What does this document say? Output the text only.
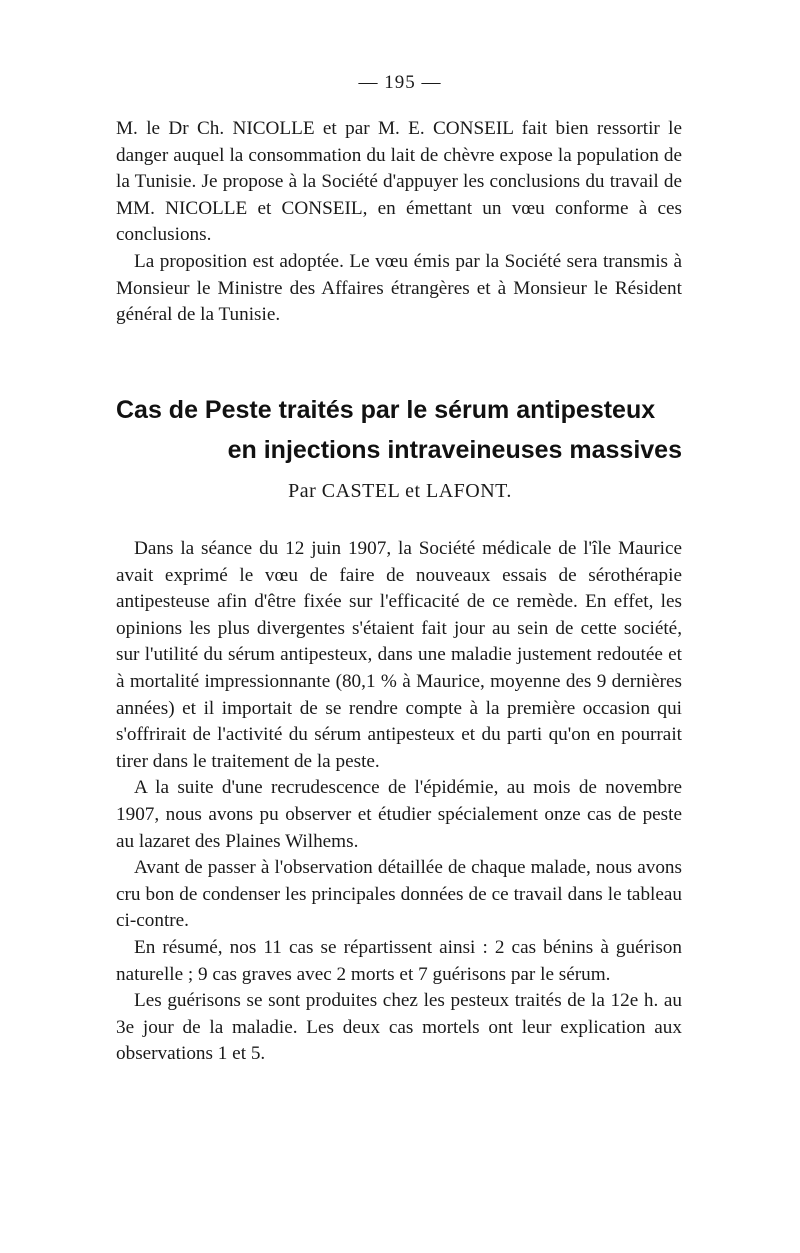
— 195 —

M. le Dr Ch. NICOLLE et par M. E. CONSEIL fait bien ressortir le danger auquel la consommation du lait de chèvre expose la population de la Tunisie. Je propose à la Société d'appuyer les conclusions du travail de MM. NICOLLE et CONSEIL, en émettant un vœu conforme à ces conclusions.

La proposition est adoptée. Le vœu émis par la Société sera transmis à Monsieur le Ministre des Affaires étrangères et à Monsieur le Résident général de la Tunisie.

Cas de Peste traités par le sérum antipesteux
en injections intraveineuses massives
Par CASTEL et LAFONT.

Dans la séance du 12 juin 1907, la Société médicale de l'île Maurice avait exprimé le vœu de faire de nouveaux essais de sérothérapie antipesteuse afin d'être fixée sur l'efficacité de ce remède. En effet, les opinions les plus divergentes s'étaient fait jour au sein de cette société, sur l'utilité du sérum antipesteux, dans une maladie justement redoutée et à mortalité impressionnante (80,1 % à Maurice, moyenne des 9 dernières années) et il importait de se rendre compte à la première occasion qui s'offrirait de l'activité du sérum antipesteux et du parti qu'on en pourrait tirer dans le traitement de la peste.

A la suite d'une recrudescence de l'épidémie, au mois de novembre 1907, nous avons pu observer et étudier spécialement onze cas de peste au lazaret des Plaines Wilhems.

Avant de passer à l'observation détaillée de chaque malade, nous avons cru bon de condenser les principales données de ce travail dans le tableau ci-contre.

En résumé, nos 11 cas se répartissent ainsi : 2 cas bénins à guérison naturelle ; 9 cas graves avec 2 morts et 7 guérisons par le sérum.

Les guérisons se sont produites chez les pesteux traités de la 12e h. au 3e jour de la maladie. Les deux cas mortels ont leur explication aux observations 1 et 5.
